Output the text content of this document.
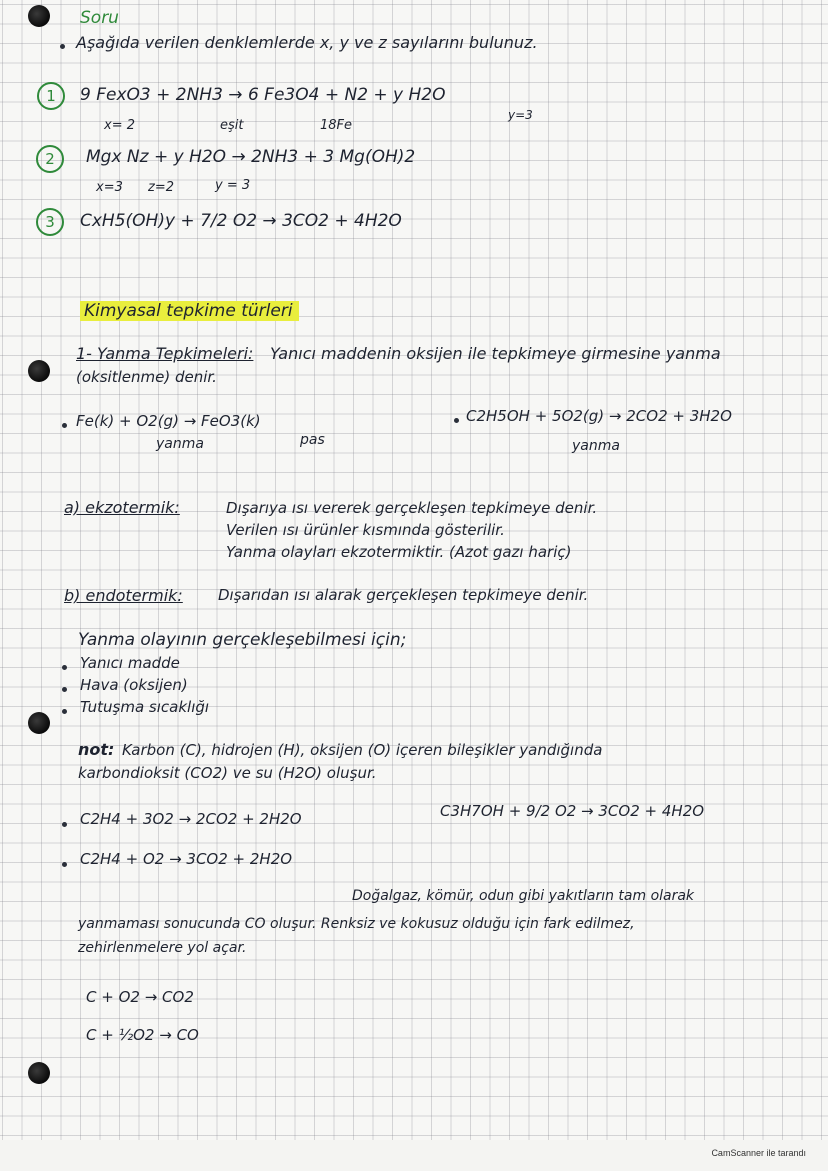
Soru
Aşağıda verilen denklemlerde x, y ve z sayılarını bulunuz.
1	9 FexO3 + 2NH3 → 6 Fe3O4 + N2 + y H2O
x= 2	eşit	18Fe
y=3
2	Mgx Nz + y H2O → 2NH3 + 3 Mg(OH)2
x=3 z=2	y = 3
3	CxH5(OH)y + 7/2 O2 → 3CO2 + 4H2O
Kimyasal tepkime türleri
1- Yanma Tepkimeleri: Yanıcı maddenin oksijen ile tepkimeye girmesine yanma
(oksitlenme) denir.
Fe(k) + O2(g) → FeO3(k)
yanma	pas
C2H5OH + 5O2(g) → 2CO2 + 3H2O
yanma
a) ekzotermik:	Dışarıya ısı vererek gerçekleşen tepkimeye denir.
Verilen ısı ürünler kısmında gösterilir.
Yanma olayları ekzotermiktir. (Azot gazı hariç)
b) endotermik: Dışarıdan ısı alarak gerçekleşen tepkimeye denir.
Yanma olayının gerçekleşebilmesi için;
Yanıcı madde
Hava (oksijen)
Tutuşma sıcaklığı
not: Karbon (C), hidrojen (H), oksijen (O) içeren bileşikler yandığında
karbondioksit (CO2) ve su (H2O) oluşur.
C2H4 + 3O2 → 2CO2 + 2H2O	C3H7OH + 9/2 O2 → 3CO2 + 4H2O
C2H4 + O2 → 3CO2 + 2H2O
Doğalgaz, kömür, odun gibi yakıtların tam olarak
yanmaması sonucunda CO oluşur. Renksiz ve kokusuz olduğu için fark edilmez,
zehirlenmelere yol açar.
C + O2 → CO2
C + ½O2 → CO
CamScanner ile tarandı
